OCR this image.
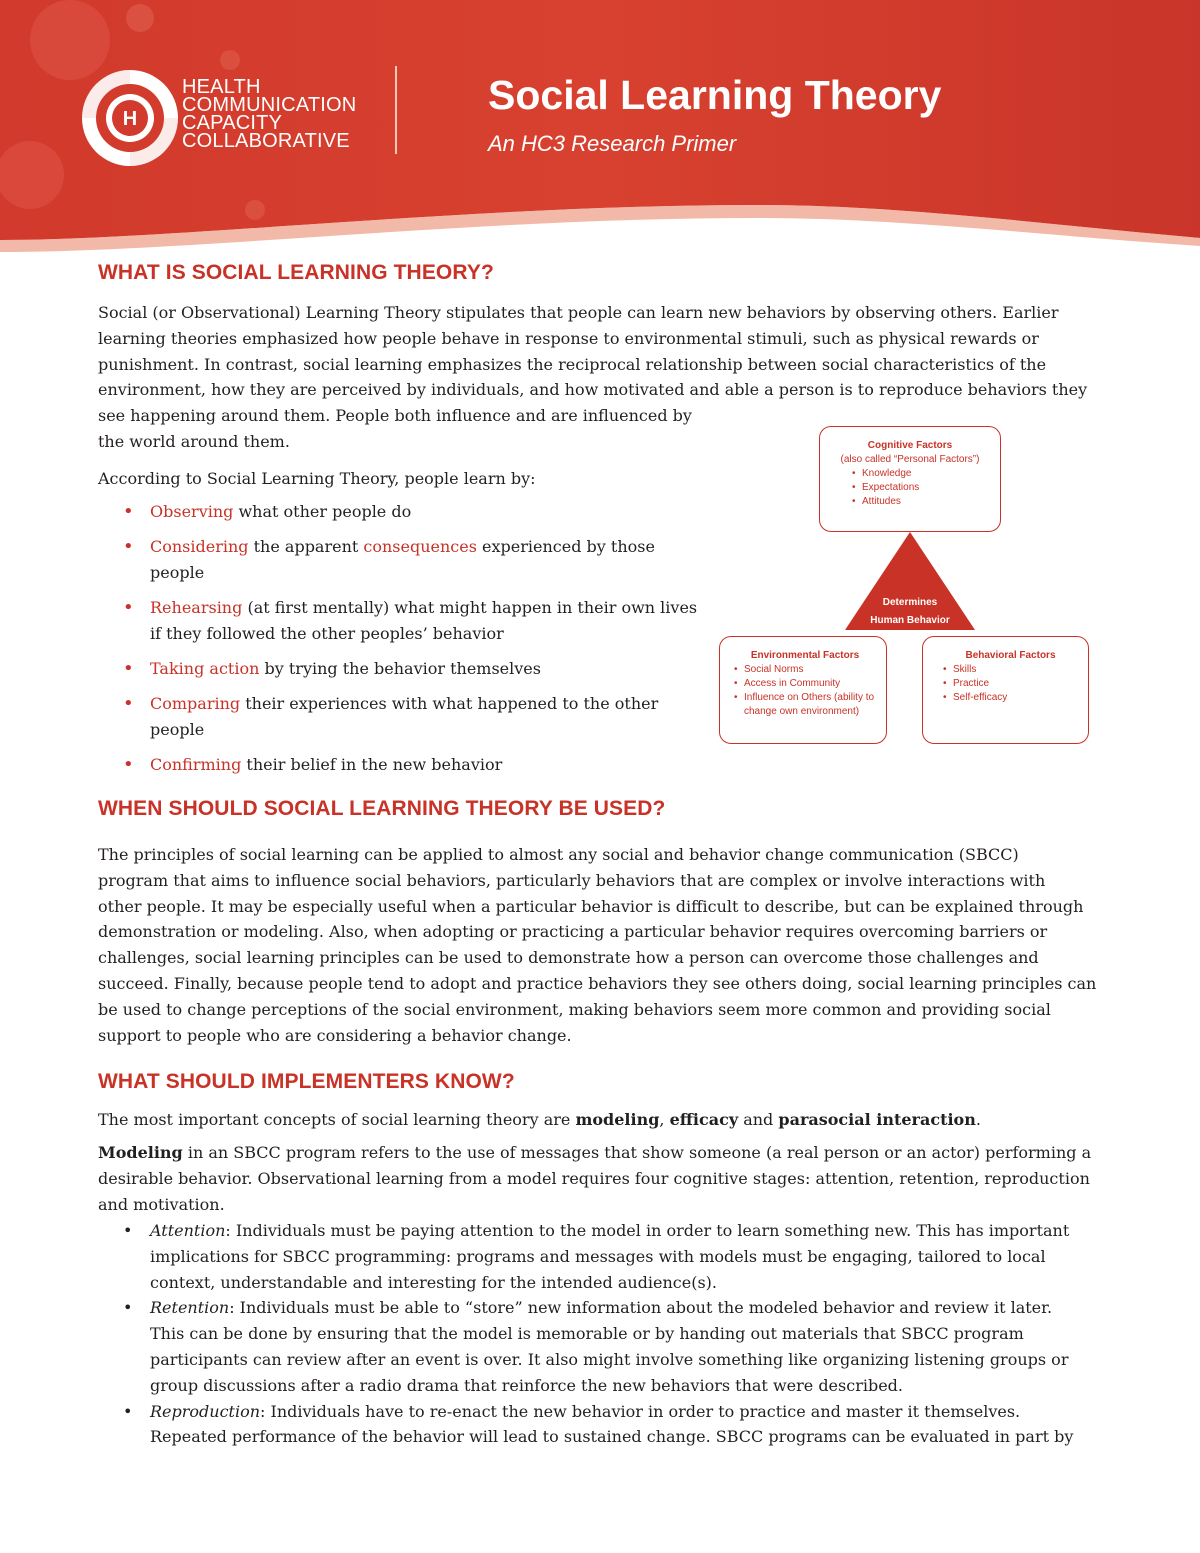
H
HEALTH
COMMUNICATION
CAPACITY
COLLABORATIVE
Social Learning Theory
An HC3 Research Primer
WHAT IS SOCIAL LEARNING THEORY?
Social (or Observational) Learning Theory stipulates that people can learn new behaviors by observing others. Earlier
learning theories emphasized how people behave in response to environmental stimuli, such as physical rewards or
punishment. In contrast, social learning emphasizes the reciprocal relationship between social characteristics of the
environment, how they are perceived by individuals, and how motivated and able a person is to reproduce behaviors they
see happening around them. People both influence and are influenced by
the world around them.
According to Social Learning Theory, people learn by:
• Observing what other people do
• Considering the apparent consequences experienced by those people
• Rehearsing (at first mentally) what might happen in their own lives if they followed the other peoples’ behavior
• Taking action by trying the behavior themselves
• Comparing their experiences with what happened to the other people
• Confirming their belief in the new behavior
Determines
Human Behavior
Cognitive Factors
(also called “Personal Factors”)
• Knowledge
• Expectations
• Attitudes
Environmental Factors
• Social Norms
• Access in Community
• Influence on Others (ability to change own environment)
Behavioral Factors
• Skills
• Practice
• Self-efficacy
WHEN SHOULD SOCIAL LEARNING THEORY BE USED?
The principles of social learning can be applied to almost any social and behavior change communication (SBCC)
program that aims to influence social behaviors, particularly behaviors that are complex or involve interactions with
other people. It may be especially useful when a particular behavior is difficult to describe, but can be explained through
demonstration or modeling. Also, when adopting or practicing a particular behavior requires overcoming barriers or
challenges, social learning principles can be used to demonstrate how a person can overcome those challenges and
succeed. Finally, because people tend to adopt and practice behaviors they see others doing, social learning principles can
be used to change perceptions of the social environment, making behaviors seem more common and providing social
support to people who are considering a behavior change.
WHAT SHOULD IMPLEMENTERS KNOW?
The most important concepts of social learning theory are modeling, efficacy and parasocial interaction.
Modeling in an SBCC program refers to the use of messages that show someone (a real person or an actor) performing a
desirable behavior. Observational learning from a model requires four cognitive stages: attention, retention, reproduction
and motivation.
• Attention: Individuals must be paying attention to the model in order to learn something new. This has important
implications for SBCC programming: programs and messages with models must be engaging, tailored to local
context, understandable and interesting for the intended audience(s).
• Retention: Individuals must be able to “store” new information about the modeled behavior and review it later.
This can be done by ensuring that the model is memorable or by handing out materials that SBCC program
participants can review after an event is over. It also might involve something like organizing listening groups or
group discussions after a radio drama that reinforce the new behaviors that were described.
• Reproduction: Individuals have to re-enact the new behavior in order to practice and master it themselves.
Repeated performance of the behavior will lead to sustained change. SBCC programs can be evaluated in part by
